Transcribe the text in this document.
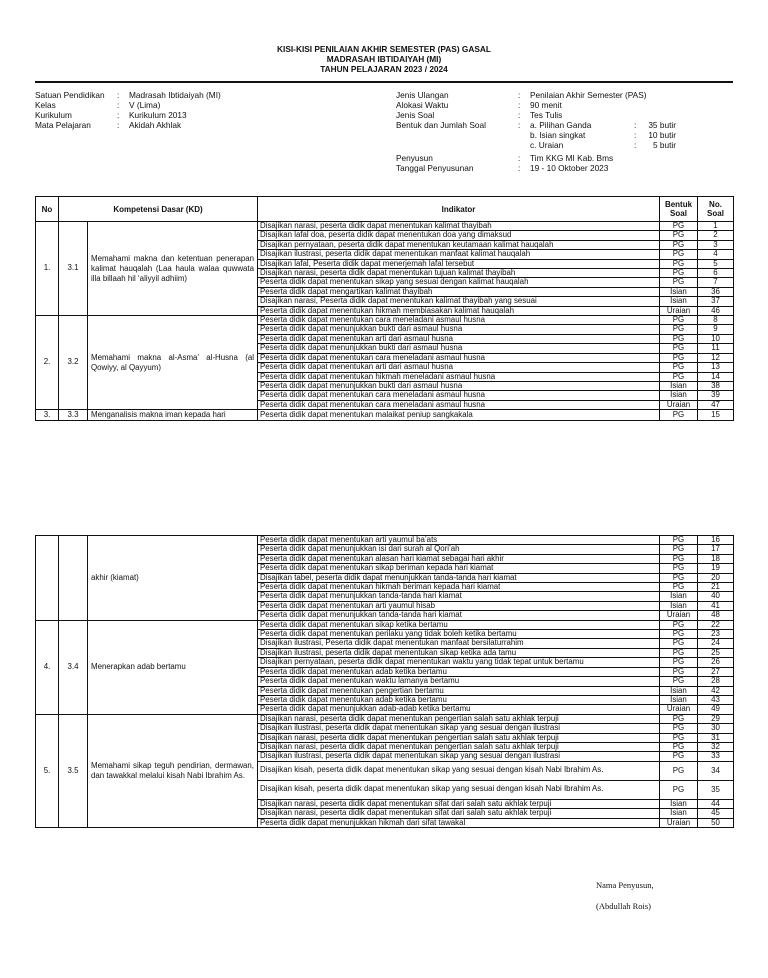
KISI-KISI PENILAIAN AKHIR SEMESTER (PAS) GASAL
MADRASAH IBTIDAIYAH (MI)
TAHUN PELAJARAN 2023 / 2024
Satuan Pendidikan	:	Madrasah Ibtidaiyah (MI)
Kelas	:	V (Lima)
Kurikulum	:	Kurikulum 2013
Mata Pelajaran	:	Akidah Akhlak
Jenis Ulangan	:	Penilaian Akhir Semester (PAS)
Alokasi Waktu	:	90 menit
Jenis Soal	:	Tes Tulis
Bentuk dan Jumlah Soal	:	a. Pilihan Ganda	:	35 butir
b. Isian singkat	:	10 butir
c. Uraian	:	5 butir
Penyusun	:	Tim KKG MI Kab. Bms
Tanggal Penyusunan	:	19 - 10 Oktober 2023
No	Kompetensi Dasar (KD)		Indikator	Bentuk Soal	No. Soal
1.	3.1	Memahami makna dan ketentuan penerapan kalimat hauqalah (Laa haula walaa quwwata illa billaah hil ‘aliyyil adhiim)	Disajikan narasi, peserta didik dapat menentukan kalimat thayibah	PG	1
			Disajikan lafal doa, peserta didik dapat menentukan doa yang dimaksud	PG	2
			Disajikan pernyataan, peserta didik dapat menentukan keutamaan kalimat hauqalah	PG	3
			Disajikan ilustrasi, peserta didik dapat menentukan manfaat kalimat hauqalah	PG	4
			Disajikan lafal, Peserta didik dapat menerjemah lafal tersebut	PG	5
			Disajikan narasi, peserta didik dapat menentukan tujuan kalimat thayibah	PG	6
			Peserta didik dapat menentukan sikap yang sesuai dengan kalimat hauqalah	PG	7
			Peserta didik dapat mengartikan kalimat thayibah	Isian	36
			Disajikan narasi, Peserta didik dapat menentukan kalimat thayibah yang sesuai	Isian	37
			Peserta didik dapat menentukan hikmah membiasakan kalimat hauqalah	Uraian	46
2.	3.2	Memahami makna al-Asma’ al-Husna (al Qowiyy, al Qayyum)	Peserta didik dapat menentukan cara meneladani asmaul husna	PG	8
			Peserta didik dapat menunjukkan bukti dari asmaul husna	PG	9
			Peserta didik dapat menentukan arti dari asmaul husna	PG	10
			Peserta didik dapat menunjukkan bukti dari asmaul husna	PG	11
			Peserta didik dapat menentukan cara meneladani asmaul husna	PG	12
			Peserta didik dapat menentukan arti dari asmaul husna	PG	13
			Peserta didik dapat menentukan hikmah meneladani asmaul husna	PG	14
			Peserta didik dapat menunjukkan bukti dari asmaul husna	Isian	38
			Peserta didik dapat menentukan cara meneladani asmaul husna	Isian	39
			Peserta didik dapat menentukan cara meneladani asmaul husna	Uraian	47
3.	3.3	Menganalisis makna iman kepada hari	Peserta didik dapat menentukan malaikat peniup sangkakala	PG	15
		akhir (kiamat)	Peserta didik dapat menentukan arti yaumul ba’ats	PG	16
			Peserta didik dapat menunjukkan isi dari surah al Qori’ah	PG	17
			Peserta didik dapat menentukan alasan hari kiamat sebagai hari akhir	PG	18
			Peserta didik dapat menentukan sikap beriman kepada hari kiamat	PG	19
			Disajikan tabel, peserta didik dapat menunjukkan tanda-tanda hari kiamat	PG	20
			Peserta didik dapat menentukan hikmah beriman kepada hari kiamat	PG	21
			Peserta didik dapat menunjukkan tanda-tanda hari kiamat	Isian	40
			Peserta didik dapat menentukan arti yaumul hisab	Isian	41
			Peserta didik dapat menunjukkan tanda-tanda hari kiamat	Uraian	48
4.	3.4	Menerapkan adab bertamu	Peserta didik dapat menentukan sikap ketika bertamu	PG	22
			Peserta didik dapat menentukan perilaku yang tidak boleh ketika bertamu	PG	23
			Disajikan ilustrasi, Peserta didik dapat menentukan manfaat bersilaturrahim	PG	24
			Disajikan ilustrasi, peserta didik dapat menentukan sikap ketika ada tamu	PG	25
			Disajikan pernyataan, peserta didik dapat menentukan waktu yang tidak tepat untuk bertamu	PG	26
			Peserta didik dapat menentukan adab ketika bertamu	PG	27
			Peserta didik dapat menentukan waktu lamanya bertamu	PG	28
			Peserta didik dapat menentukan pengertian bertamu	Isian	42
			Peserta didik dapat menentukan adab ketika bertamu	Isian	43
			Peserta didik dapat menunjukkan adab-adab ketika bertamu	Uraian	49
5.	3.5	Memahami sikap teguh pendirian, dermawan, dan tawakkal melalui kisah Nabi Ibrahim As.	Disajikan narasi, peserta didik dapat menentukan pengertian salah satu akhlak terpuji	PG	29
			Disajikan ilustrasi, peserta didik dapat menentukan sikap yang sesuai dengan ilustrasi	PG	30
			Disajikan narasi, peserta didik dapat menentukan pengertian salah satu akhlak terpuji	PG	31
			Disajikan narasi, peserta didik dapat menentukan pengertian salah satu akhlak terpuji	PG	32
			Disajikan ilustrasi, peserta didik dapat menentukan sikap yang sesuai dengan ilustrasi	PG	33
			Disajikan kisah, peserta didik dapat menentukan sikap yang sesuai dengan kisah Nabi Ibrahim As.	PG	34
			Disajikan kisah, peserta didik dapat menentukan sikap yang sesuai dengan kisah Nabi Ibrahim As.	PG	35
			Disajikan narasi, peserta didik dapat menentukan sifat dari salah satu akhlak terpuji	Isian	44
			Disajikan narasi, peserta didik dapat menentukan sifat dari salah satu akhlak terpuji	Isian	45
			Peserta didik dapat menunjukkan hikmah dari sifat tawakal	Uraian	50
Nama Penyusun,
(Abdullah Rois)
